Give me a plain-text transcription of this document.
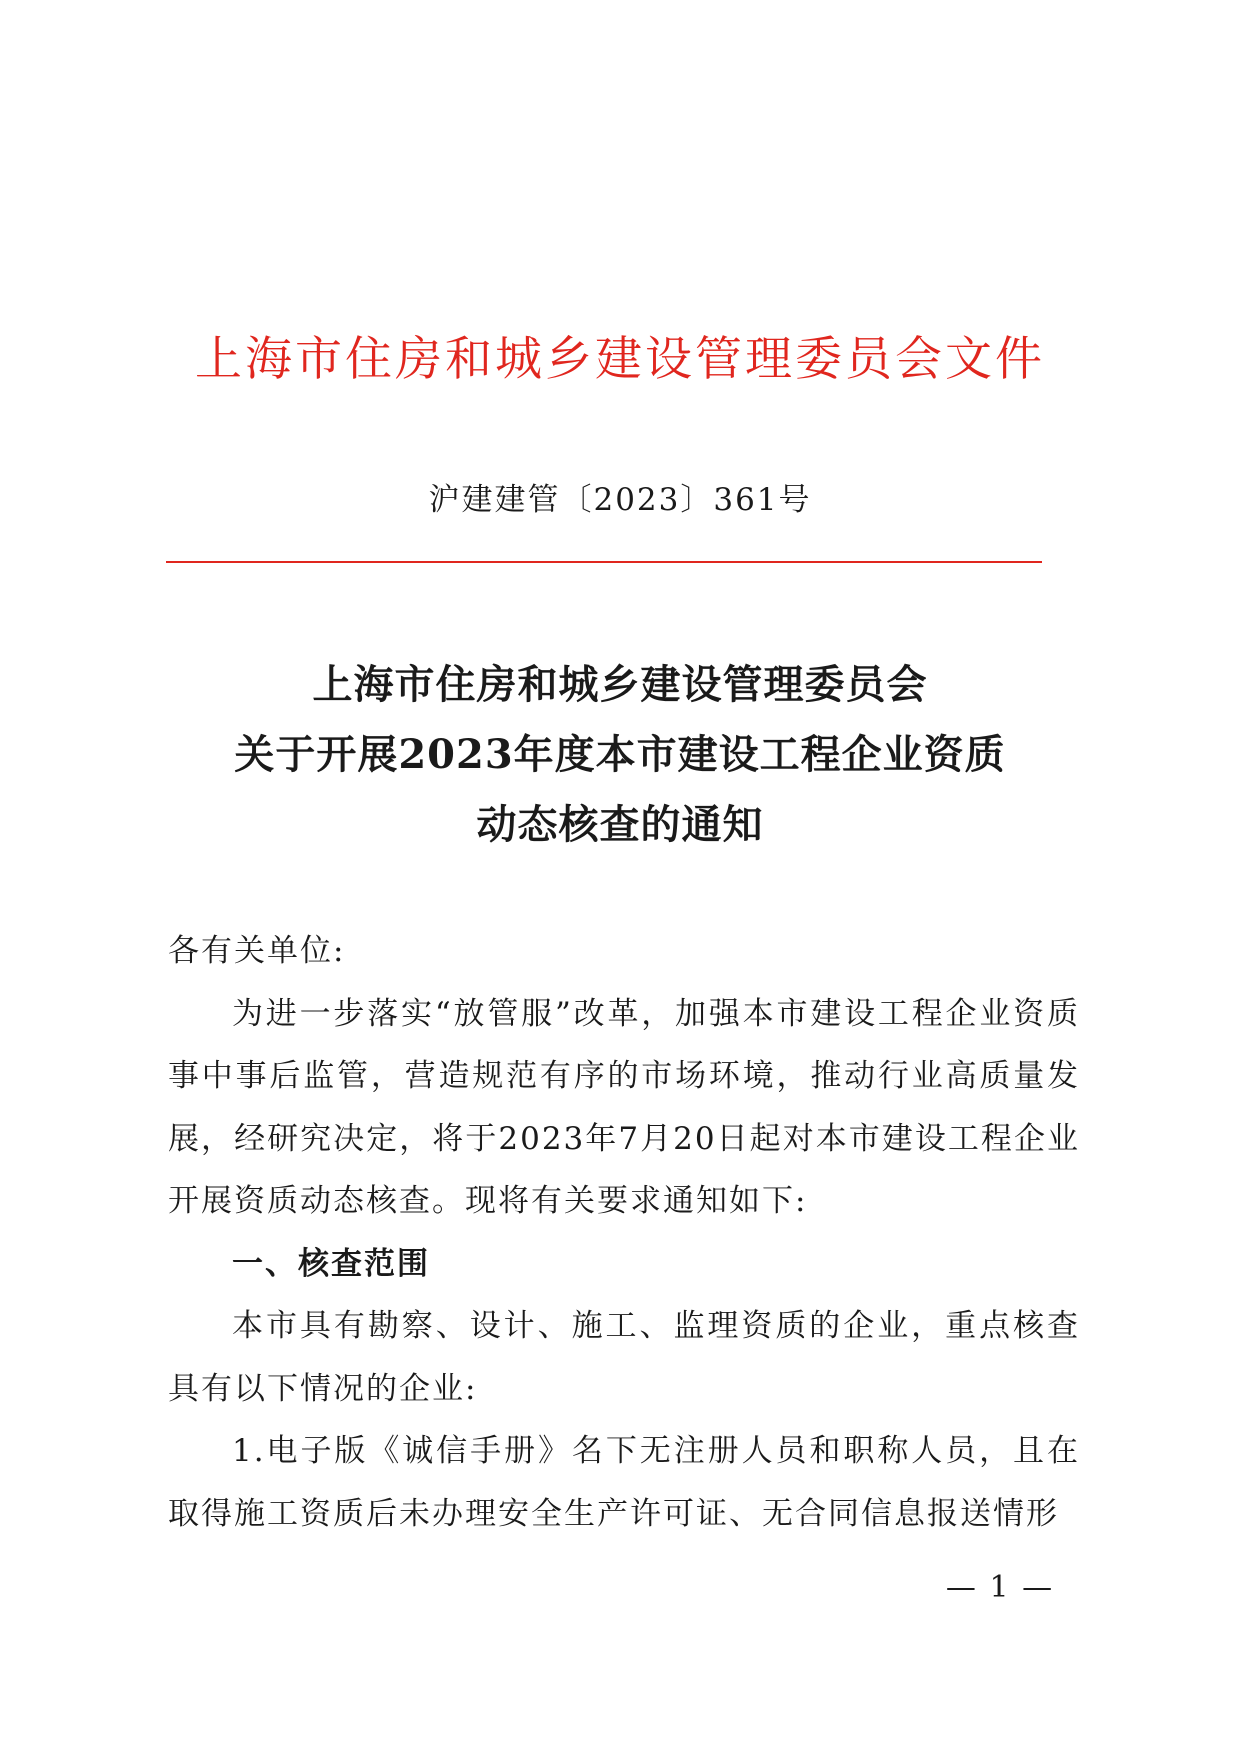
上海市住房和城乡建设管理委员会文件
沪建建管〔2023〕361号
上海市住房和城乡建设管理委员会
关于开展2023年度本市建设工程企业资质
动态核查的通知

各有关单位:

为进一步落实“放管服”改革，加强本市建设工程企业资质事中事后监管，营造规范有序的市场环境，推动行业高质量发展，经研究决定，将于2023年7月20日起对本市建设工程企业开展资质动态核查。现将有关要求通知如下:

一、核查范围

本市具有勘察、设计、施工、监理资质的企业，重点核查具有以下情况的企业:

1.电子版《诚信手册》名下无注册人员和职称人员，且在取得施工资质后未办理安全生产许可证、无合同信息报送情形

— 1 —
